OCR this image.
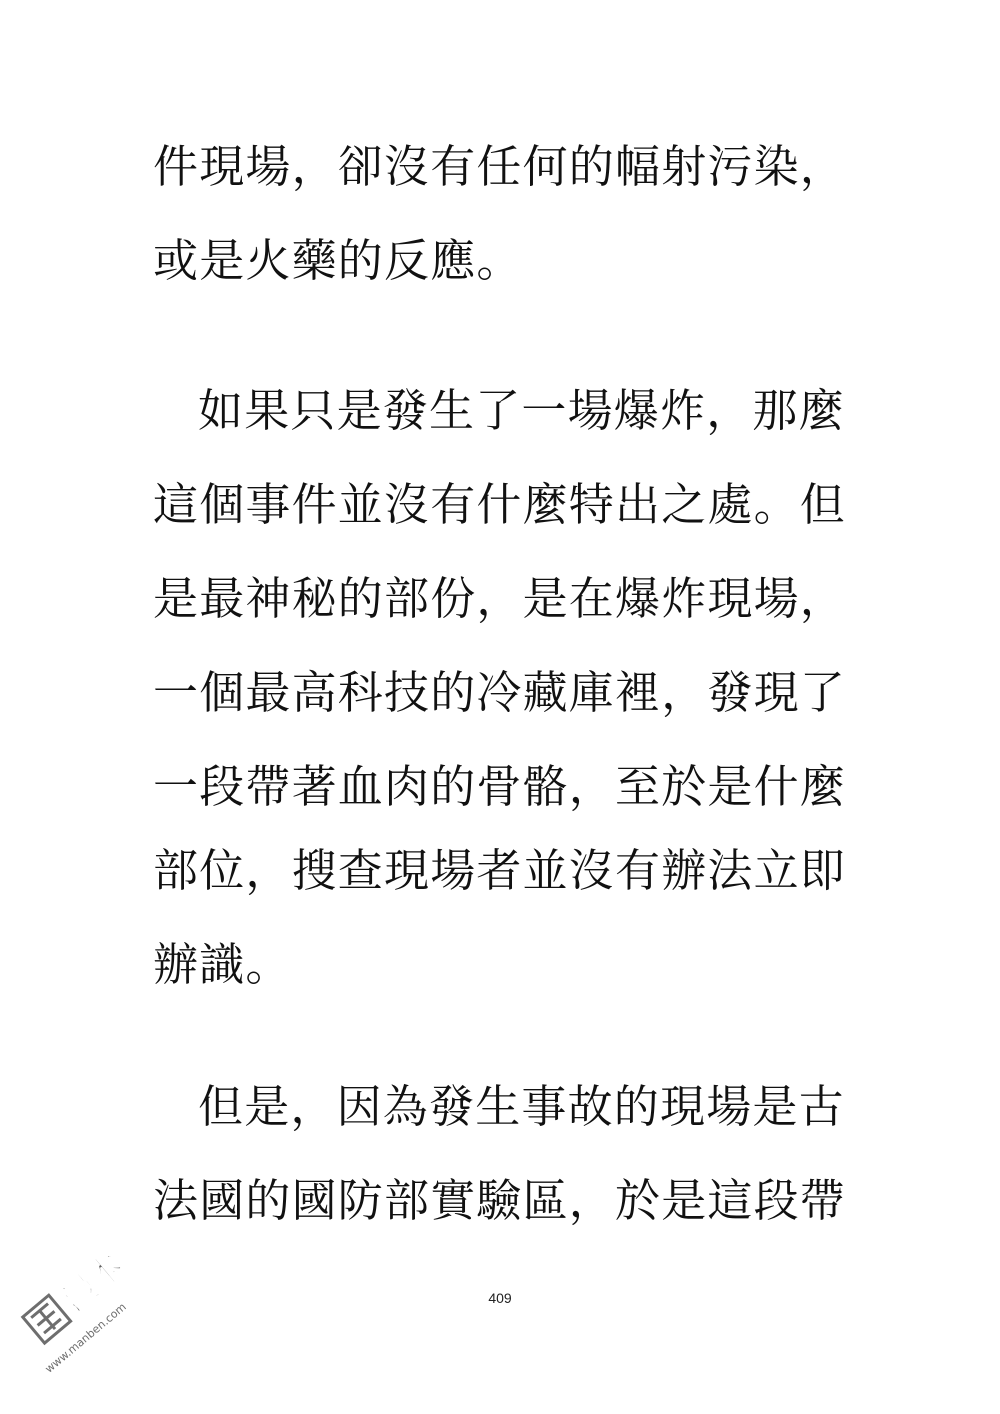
件現場，卻沒有任何的幅射污染，
或是火藥的反應。
如果只是發生了一場爆炸，那麼
這個事件並沒有什麼特出之處。但
是最神秘的部份，是在爆炸現場，
一個最高科技的冷藏庫裡，發現了
一段帶著血肉的骨骼，至於是什麼
部位，搜查現場者並沒有辦法立即
辦識。
但是，因為發生事故的現場是古
法國的國防部實驗區，於是這段帶
409
漫本
www.manben.com
